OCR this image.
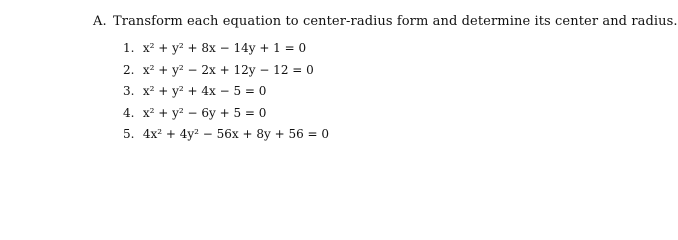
A. Transform each equation to center-radius form and determine its center and radius.
1. x² + y² + 8x − 14y + 1 = 0
2. x² + y² − 2x + 12y − 12 = 0
3. x² + y² + 4x − 5 = 0
4. x² + y² − 6y + 5 = 0
5. 4x² + 4y² − 56x + 8y + 56 = 0
